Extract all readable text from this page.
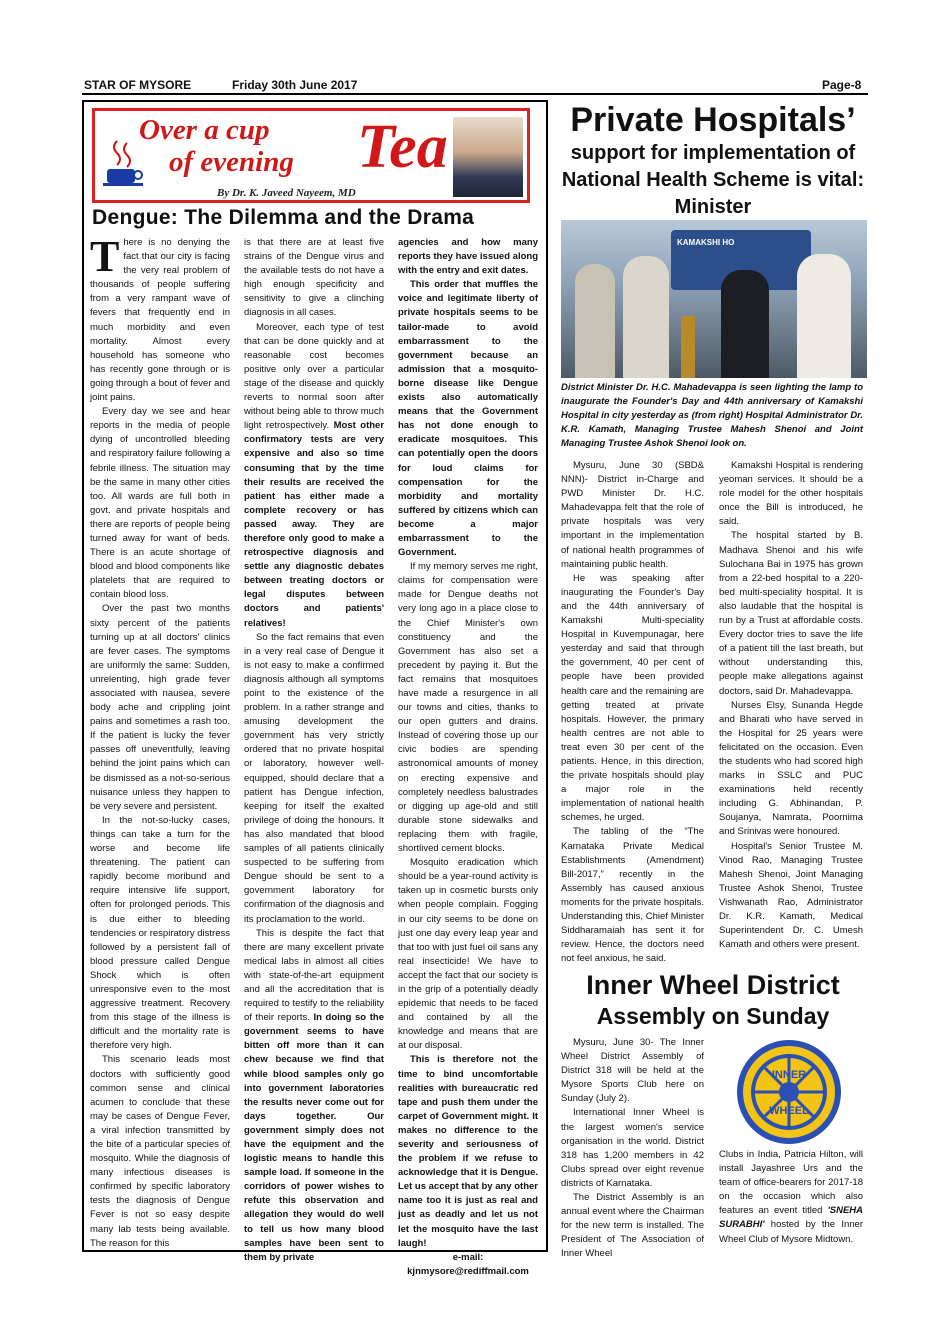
STAR OF MYSORE	Friday 30th June 2017	Page-8
Over a cup
of evening Tea
By Dr. K. Javeed Nayeem, MD
Dengue: The Dilemma and the Drama
T here is no denying the fact that our city is facing the very real problem of thousands of people suffering from a very rampant wave of fevers that frequently end in much morbidity and even mortality. Almost every household has someone who has recently gone through or is going through a bout of fever and joint pains.

Every day we see and hear reports in the media of people dying of uncontrolled bleeding and respiratory failure following a febrile illness. The situation may be the same in many other cities too. All wards are full both in govt. and private hospitals and there are reports of people being turned away for want of beds. There is an acute shortage of blood and blood components like platelets that are required to contain blood loss.

Over the past two months sixty percent of the patients turning up at all doctors' clinics are fever cases. The symptoms are uniformly the same: Sudden, unrelenting, high grade fever associated with nausea, severe body ache and crippling joint pains and sometimes a rash too. If the patient is lucky the fever passes off uneventfully, leaving behind the joint pains which can be dismissed as a not-so-serious nuisance unless they happen to be very severe and persistent.

In the not-so-lucky cases, things can take a turn for the worse and become life threatening. The patient can rapidly become moribund and require intensive life support, often for prolonged periods. This is due either to bleeding tendencies or respiratory distress followed by a persistent fall of blood pressure called Dengue Shock which is often unresponsive even to the most aggressive treatment. Recovery from this stage of the illness is difficult and the mortality rate is therefore very high.

This scenario leads most doctors with sufficiently good common sense and clinical acumen to conclude that these may be cases of Dengue Fever, a viral infection transmitted by the bite of a particular species of mosquito. While the diagnosis of many infectious diseases is confirmed by specific laboratory tests the diagnosis of Dengue Fever is not so easy despite many lab tests being available. The reason for this

is that there are at least five strains of the Dengue virus and the available tests do not have a high enough specificity and sensitivity to give a clinching diagnosis in all cases.

Moreover, each type of test that can be done quickly and at reasonable cost becomes positive only over a particular stage of the disease and quickly reverts to normal soon after without being able to throw much light retrospectively. Most other confirmatory tests are very expensive and also so time consuming that by the time their results are received the patient has either made a complete recovery or has passed away. They are therefore only good to make a retrospective diagnosis and settle any diagnostic debates between treating doctors or legal disputes between doctors and patients' relatives!

So the fact remains that even in a very real case of Dengue it is not easy to make a confirmed diagnosis although all symptoms point to the existence of the problem. In a rather strange and amusing development the government has very strictly ordered that no private hospital or laboratory, however well-equipped, should declare that a patient has Dengue infection, keeping for itself the exalted privilege of doing the honours. It has also mandated that blood samples of all patients clinically suspected to be suffering from Dengue should be sent to a government laboratory for confirmation of the diagnosis and its proclamation to the world.

This is despite the fact that there are many excellent private medical labs in almost all cities with state-of-the-art equipment and all the accreditation that is required to testify to the reliability of their reports. In doing so the government seems to have bitten off more than it can chew because we find that while blood samples only go into government laboratories the results never come out for days together. Our government simply does not have the equipment and the logistic means to handle this sample load. If someone in the corridors of power wishes to refute this observation and allegation they would do well to tell us how many blood samples have been sent to them by private

agencies and how many reports they have issued along with the entry and exit dates.

This order that muffles the voice and legitimate liberty of private hospitals seems to be tailor-made to avoid embarrassment to the government because an admission that a mosquito-borne disease like Dengue exists also automatically means that the Government has not done enough to eradicate mosquitoes. This can potentially open the doors for loud claims for compensation for the morbidity and mortality suffered by citizens which can become a major embarrassment to the Government.

If my memory serves me right, claims for compensation were made for Dengue deaths not very long ago in a place close to the Chief Minister's own constituency and the Government has also set a precedent by paying it. But the fact remains that mosquitoes have made a resurgence in all our towns and cities, thanks to our open gutters and drains. Instead of covering those up our civic bodies are spending astronomical amounts of money on erecting expensive and completely needless balustrades or digging up age-old and still durable stone sidewalks and replacing them with fragile, shortlived cement blocks.

Mosquito eradication which should be a year-round activity is taken up in cosmetic bursts only when people complain. Fogging in our city seems to be done on just one day every leap year and that too with just fuel oil sans any real insecticide! We have to accept the fact that our society is in the grip of a potentially deadly epidemic that needs to be faced and contained by all the knowledge and means that are at our disposal.

This is therefore not the time to bind uncomfortable realities with bureaucratic red tape and push them under the carpet of Government might. It makes no difference to the severity and seriousness of the problem if we refuse to acknowledge that it is Dengue. Let us accept that by any other name too it is just as real and just as deadly and let us not let the mosquito have the last laugh!

e-mail:

kjnmysore@rediffmail.com

Private Hospitals’
support for implementation of National Health Scheme is vital: Minister
KAMAKSHI HO
District Minister Dr. H.C. Mahadevappa is seen lighting the lamp to inaugurate the Founder's Day and 44th anniversary of Kamakshi Hospital in city yesterday as (from right) Hospital Administrator Dr. K.R. Kamath, Managing Trustee Mahesh Shenoi and Joint Managing Trustee Ashok Shenoi look on.

Mysuru, June 30 (SBD& NNN)- District in-Charge and PWD Minister Dr. H.C. Mahadevappa felt that the role of private hospitals was very important in the implementation of national health programmes of maintaining public health.

He was speaking after inaugurating the Founder's Day and the 44th anniversary of Kamakshi Multi-speciality Hospital in Kuvempunagar, here yesterday and said that through the government, 40 per cent of people have been provided health care and the remaining are getting treated at private hospitals. However, the primary health centres are not able to treat even 30 per cent of the patients. Hence, in this direction, the private hospitals should play a major role in the implementation of national health schemes, he urged.

The tabling of the “The Karnataka Private Medical Establishments (Amendment) Bill-2017,” recently in the Assembly has caused anxious moments for the private hospitals. Understanding this, Chief Minister Siddharamaiah has sent it for review. Hence, the doctors need not feel anxious, he said.

Kamakshi Hospital is rendering yeoman services. It should be a role model for the other hospitals once the Bill is introduced, he said.

The hospital started by B. Madhava Shenoi and his wife Sulochana Bai in 1975 has grown from a 22-bed hospital to a 220-bed multi-speciality hospital. It is also laudable that the hospital is run by a Trust at affordable costs. Every doctor tries to save the life of a patient till the last breath, but without understanding this, people make allegations against doctors, said Dr. Mahadevappa.

Nurses Elsy, Sunanda Hegde and Bharati who have served in the Hospital for 25 years were felicitated on the occasion. Even the students who had scored high marks in SSLC and PUC examinations held recently including G. Abhinandan, P. Soujanya, Namrata, Poornima and Srinivas were honoured.

Hospital's Senior Trustee M. Vinod Rao, Managing Trustee Mahesh Shenoi, Joint Managing Trustee Ashok Shenoi, Trustee Vishwanath Rao, Administrator Dr. K.R. Kamath, Medical Superintendent Dr. C. Umesh Kamath and others were present.

Inner Wheel District
Assembly on Sunday

Mysuru, June 30- The Inner Wheel District Assembly of District 318 will be held at the Mysore Sports Club here on Sunday (July 2).

International Inner Wheel is the largest women's service organisation in the world. District 318 has 1,200 members in 42 Clubs spread over eight revenue districts of Karnataka.

The District Assembly is an annual event where the Chairman for the new term is installed. The President of The Association of Inner Wheel

INNER
WHEEL

Clubs in India, Patricia Hilton, will install Jayashree Urs and the team of office-bearers for 2017-18 on the occasion which also features an event titled 'SNEHA SURABHI' hosted by the Inner Wheel Club of Mysore Midtown.
